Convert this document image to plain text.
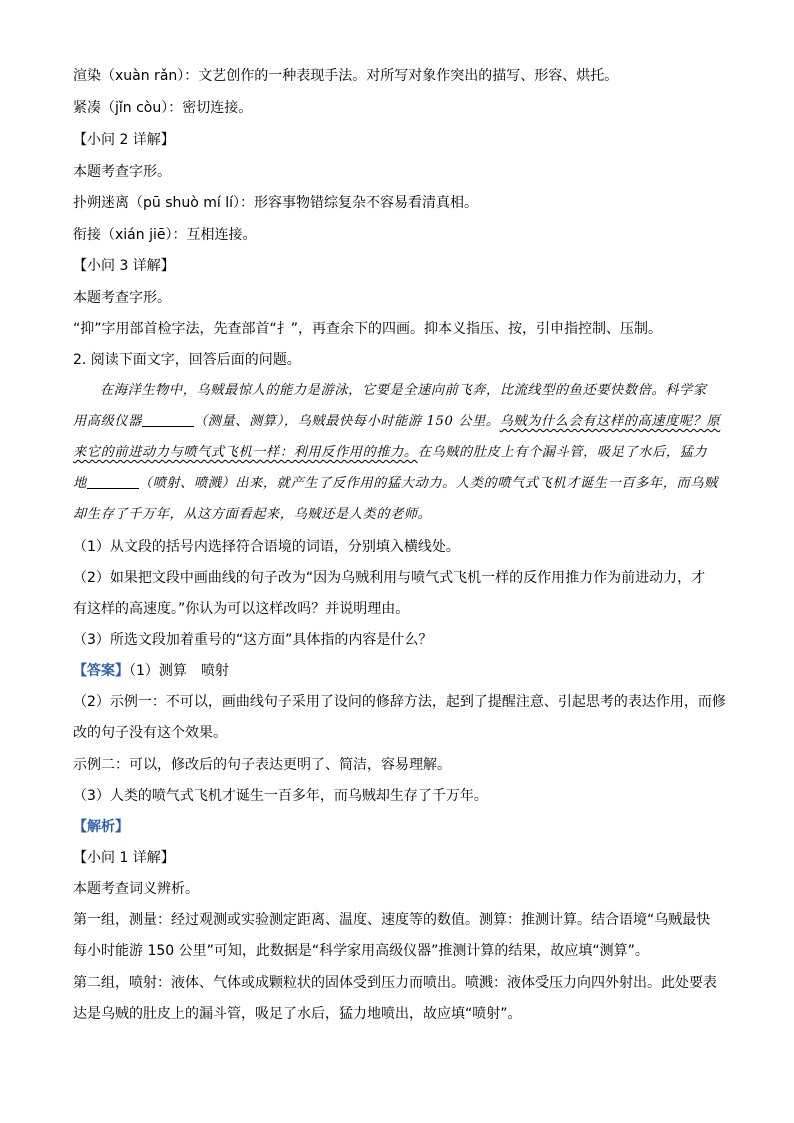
渲染（xuàn rǎn）：文艺创作的一种表现手法。对所写对象作突出的描写、形容、烘托。
紧凑（jǐn còu）：密切连接。
【小问 2 详解】
本题考查字形。
扑朔迷离（pū shuò mí lí）：形容事物错综复杂不容易看清真相。
衔接（xián jiē）：互相连接。
【小问 3 详解】
本题考查字形。
“抑”字用部首检字法，先查部首“扌”，再查余下的四画。抑本义指压、按，引申指控制、压制。
2. 阅读下面文字，回答后面的问题。
在海洋生物中，乌贼最惊人的能力是游泳，它要是全速向前飞奔，比流线型的鱼还要快数倍。科学家
用高级仪器	（测量、测算），乌贼最快每小时能游 150 公里。乌贼为什么会有这样的高速度呢？原
来它的前进动力与喷气式飞机一样：利用反作用的推力。在乌贼的肚皮上有个漏斗管，吸足了水后，猛力
地	（喷射、喷溅）出来，就产生了反作用的猛大动力。人类的喷气式飞机才诞生一百多年，而乌贼
却生存了千万年，从这方面看起来，乌贼还是人类的老师。
（1）从文段的括号内选择符合语境的词语，分别填入横线处。
（2）如果把文段中画曲线的句子改为“因为乌贼利用与喷气式飞机一样的反作用推力作为前进动力，才
有这样的高速度。”你认为可以这样改吗？并说明理由。
（3）所选文段加着重号的“这方面”具体指的内容是什么？
【答案】（1）测算　喷射
（2）示例一：不可以，画曲线句子采用了设问的修辞方法，起到了提醒注意、引起思考的表达作用，而修
改的句子没有这个效果。
示例二：可以，修改后的句子表达更明了、简洁，容易理解。
（3）人类的喷气式飞机才诞生一百多年，而乌贼却生存了千万年。
【解析】
【小问 1 详解】
本题考查词义辨析。
第一组，测量：经过观测或实验测定距离、温度、速度等的数值。测算：推测计算。结合语境“乌贼最快
每小时能游 150 公里”可知，此数据是“科学家用高级仪器”推测计算的结果，故应填“测算”。
第二组，喷射：液体、气体或成颗粒状的固体受到压力而喷出。喷溅：液体受压力向四外射出。此处要表
达是乌贼的肚皮上的漏斗管，吸足了水后，猛力地喷出，故应填“喷射”。
